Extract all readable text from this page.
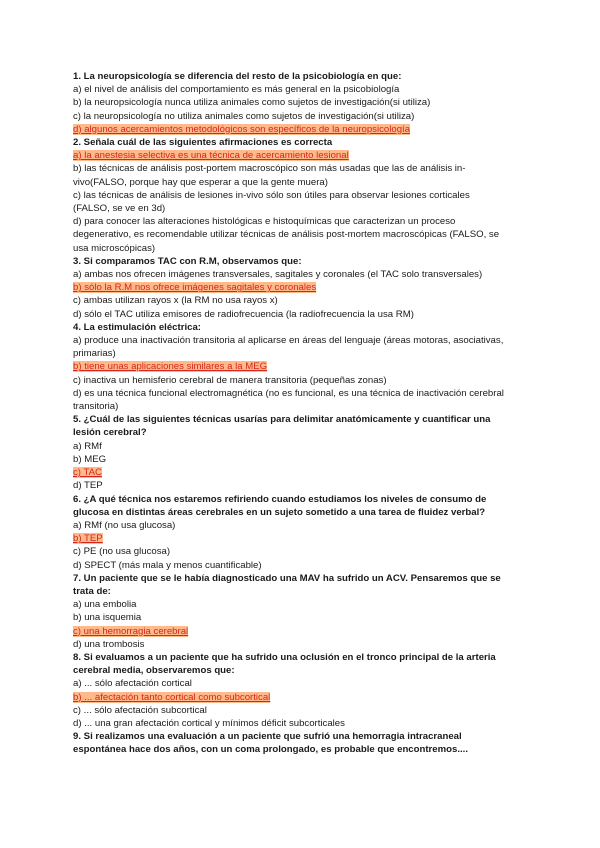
1. La neuropsicología se diferencia del resto de la psicobiología en que:
a) el nivel de análisis del comportamiento es más general en la psicobiología
b) la neuropsicología nunca utiliza animales como sujetos de investigación(si utiliza)
c) la neuropsicología no utiliza animales como sujetos de investigación(si utiliza)
d) algunos acercamientos metodológicos son específicos de la neuropsicología
2. Señala cuál de las siguientes afirmaciones es correcta
a) la anestesia selectiva es una técnica de acercamiento lesional
b) las técnicas de análisis post-portem macroscópico son más usadas que las de análisis in-
vivo(FALSO, porque hay que esperar a que la gente muera)
c) las técnicas de análisis de lesiones in-vivo sólo son útiles para observar lesiones corticales
(FALSO, se ve en 3d)
d) para conocer las alteraciones histológicas e histoquímicas que caracterizan un proceso
degenerativo, es recomendable utilizar técnicas de análisis post-mortem macroscópicas (FALSO, se
usa microscópicas)
3. Si comparamos TAC con R.M, observamos que:
a) ambas nos ofrecen imágenes transversales, sagitales y coronales (el TAC solo transversales)
b) sólo la R.M nos ofrece imágenes sagitales y coronales
c) ambas utilizan rayos x (la RM no usa rayos x)
d) sólo el TAC utiliza emisores de radiofrecuencia (la radiofrecuencia la usa RM)
4. La estimulación eléctrica:
a) produce una inactivación transitoria al aplicarse en áreas del lenguaje (áreas motoras, asociativas,
primarias)
b) tiene unas aplicaciones similares a la MEG
c) inactiva un hemisferio cerebral de manera transitoria (pequeñas zonas)
d) es una técnica funcional electromagnética (no es funcional, es una técnica de inactivación cerebral
transitoria)
5. ¿Cuál de las siguientes técnicas usarías para delimitar anatómicamente y cuantificar una
lesión cerebral?
a) RMf
b) MEG
c) TAC
d) TEP
6. ¿A qué técnica nos estaremos refiriendo cuando estudiamos los niveles de consumo de
glucosa en distintas áreas cerebrales en un sujeto sometido a una tarea de fluidez verbal?
a) RMf (no usa glucosa)
b) TEP
c) PE (no usa glucosa)
d) SPECT (más mala y menos cuantificable)
7. Un paciente que se le había diagnosticado una MAV ha sufrido un ACV. Pensaremos que se
trata de:
a) una embolia
b) una isquemia
c) una hemorragia cerebral
d) una trombosis
8. Si evaluamos a un paciente que ha sufrido una oclusión en el tronco principal de la arteria
cerebral media, observaremos que:
a) ... sólo afectación cortical
b) ... afectación tanto cortical como subcortical
c) ... sólo afectación subcortical
d) ... una gran afectación cortical y mínimos déficit subcorticales
9. Si realizamos una evaluación a un paciente que sufrió una hemorragia intracraneal
espontánea hace dos años, con un coma prolongado, es probable que encontremos....
